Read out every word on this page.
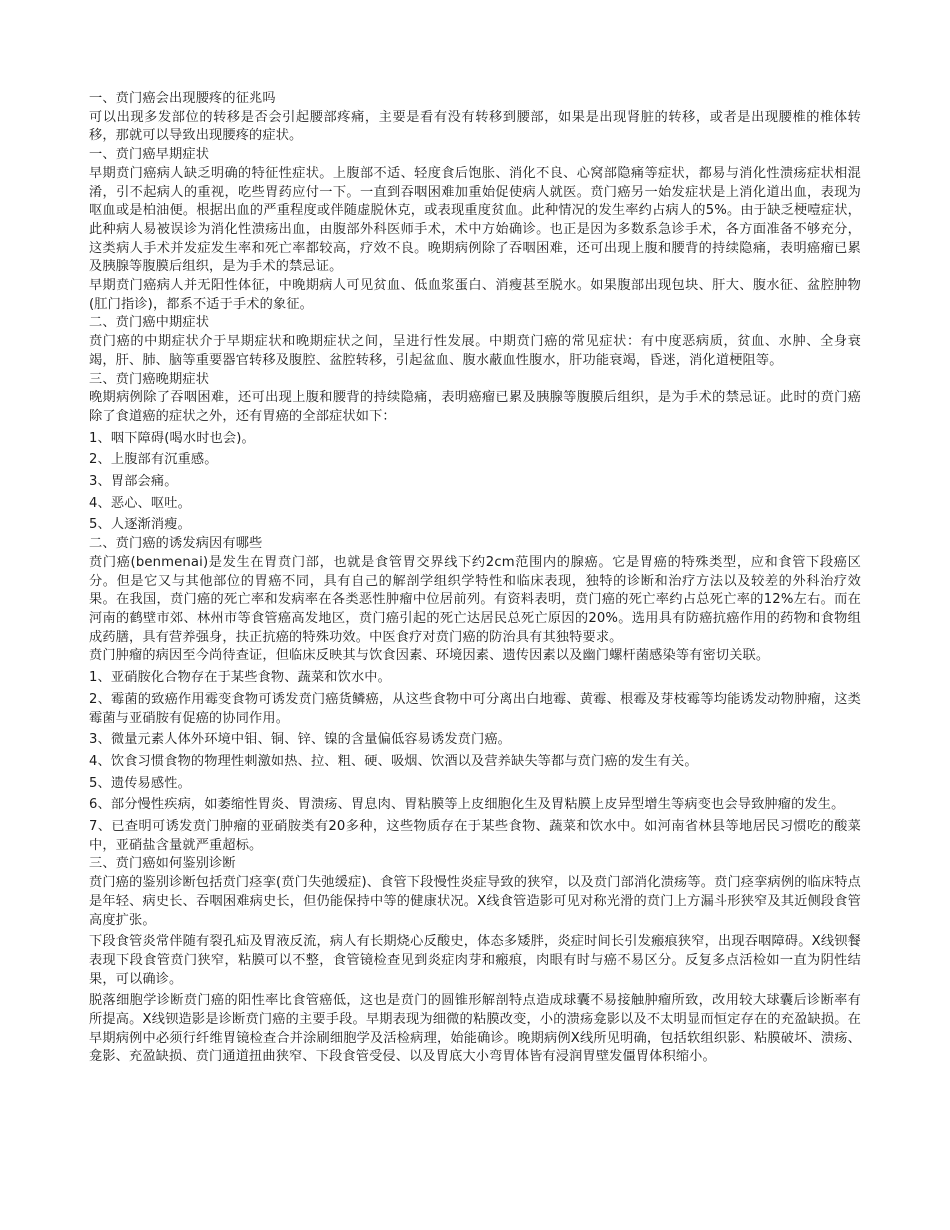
一、贲门癌会出现腰疼的征兆吗

可以出现多发部位的转移是否会引起腰部疼痛，主要是看有没有转移到腰部，如果是出现肾脏的转移，或者是出现腰椎的椎体转移，那就可以导致出现腰疼的症状。

一、贲门癌早期症状

早期贲门癌病人缺乏明确的特征性症状。上腹部不适、轻度食后饱胀、消化不良、心窝部隐痛等症状，都易与消化性溃疡症状相混淆，引不起病人的重视，吃些胃药应付一下。一直到吞咽困难加重始促使病人就医。贲门癌另一始发症状是上消化道出血，表现为呕血或是柏油便。根据出血的严重程度或伴随虚脱休克，或表现重度贫血。此种情况的发生率约占病人的5%。由于缺乏梗噎症状，此种病人易被误诊为消化性溃疡出血，由腹部外科医师手术，术中方始确诊。也正是因为多数系急诊手术，各方面准备不够充分，这类病人手术并发症发生率和死亡率都较高，疗效不良。晚期病例除了吞咽困难，还可出现上腹和腰背的持续隐痛，表明癌瘤已累及胰腺等腹膜后组织，是为手术的禁忌证。

早期贲门癌病人并无阳性体征，中晚期病人可见贫血、低血浆蛋白、消瘦甚至脱水。如果腹部出现包块、肝大、腹水征、盆腔肿物(肛门指诊)，都系不适于手术的象征。

二、贲门癌中期症状

贲门癌的中期症状介于早期症状和晚期症状之间，呈进行性发展。中期贲门癌的常见症状：有中度恶病质，贫血、水肿、全身衰竭，肝、肺、脑等重要器官转移及腹腔、盆腔转移，引起盆血、腹水蔽血性腹水，肝功能衰竭，昏迷，消化道梗阻等。

三、贲门癌晚期症状

晚期病例除了吞咽困难，还可出现上腹和腰背的持续隐痛，表明癌瘤已累及胰腺等腹膜后组织，是为手术的禁忌证。此时的贲门癌除了食道癌的症状之外，还有胃癌的全部症状如下：

1、咽下障碍(喝水时也会)。

2、上腹部有沉重感。

3、胃部会痛。

4、恶心、呕吐。

5、人逐渐消瘦。

二、贲门癌的诱发病因有哪些

贲门癌(benmenai)是发生在胃贲门部，也就是食管胃交界线下约2cm范围内的腺癌。它是胃癌的特殊类型，应和食管下段癌区分。但是它又与其他部位的胃癌不同，具有自己的解剖学组织学特性和临床表现，独特的诊断和治疗方法以及较差的外科治疗效果。在我国，贲门癌的死亡率和发病率在各类恶性肿瘤中位居前列。有资料表明，贲门癌的死亡率约占总死亡率的12%左右。而在河南的鹤壁市郊、林州市等食管癌高发地区，贲门癌引起的死亡达居民总死亡原因的20%。选用具有防癌抗癌作用的药物和食物组成药膳，具有营养强身，扶正抗癌的特殊功效。中医食疗对贲门癌的防治具有其独特要求。

贲门肿瘤的病因至今尚待查证，但临床反映其与饮食因素、环境因素、遗传因素以及幽门螺杆菌感染等有密切关联。

1、亚硝胺化合物存在于某些食物、蔬菜和饮水中。

2、霉菌的致癌作用霉变食物可诱发贲门癌货鳞癌，从这些食物中可分离出白地霉、黄霉、根霉及芽枝霉等均能诱发动物肿瘤，这类霉菌与亚硝胺有促癌的协同作用。

3、微量元素人体外环境中钼、铜、锌、镍的含量偏低容易诱发贲门癌。

4、饮食习惯食物的物理性刺激如热、拉、粗、硬、吸烟、饮酒以及营养缺失等都与贲门癌的发生有关。

5、遗传易感性。

6、部分慢性疾病，如萎缩性胃炎、胃溃疡、胃息肉、胃粘膜等上皮细胞化生及胃粘膜上皮异型增生等病变也会导致肿瘤的发生。

7、已查明可诱发贲门肿瘤的亚硝胺类有20多种，这些物质存在于某些食物、蔬菜和饮水中。如河南省林县等地居民习惯吃的酸菜中，亚硝盐含量就严重超标。

三、贲门癌如何鉴别诊断

贲门癌的鉴别诊断包括贲门痉挛(贲门失弛缓症)、食管下段慢性炎症导致的狭窄，以及贲门部消化溃疡等。贲门痉挛病例的临床特点是年轻、病史长、吞咽困难病史长，但仍能保持中等的健康状况。X线食管造影可见对称光滑的贲门上方漏斗形狭窄及其近侧段食管高度扩张。

下段食管炎常伴随有裂孔疝及胃液反流，病人有长期烧心反酸史，体态多矮胖，炎症时间长引发瘢痕狭窄，出现吞咽障碍。X线钡餐表现下段食管贲门狭窄，粘膜可以不整，食管镜检查见到炎症肉芽和瘢痕，肉眼有时与癌不易区分。反复多点活检如一直为阴性结果，可以确诊。

脱落细胞学诊断贲门癌的阳性率比食管癌低，这也是贲门的圆锥形解剖特点造成球囊不易接触肿瘤所致，改用较大球囊后诊断率有所提高。X线钡造影是诊断贲门癌的主要手段。早期表现为细微的粘膜改变，小的溃疡龛影以及不太明显而恒定存在的充盈缺损。在早期病例中必须行纤维胃镜检查合并涂刷细胞学及活检病理，始能确诊。晚期病例X线所见明确，包括软组织影、粘膜破坏、溃疡、龛影、充盈缺损、贲门通道扭曲狭窄、下段食管受侵、以及胃底大小弯胃体皆有浸润胃壁发僵胃体积缩小。
